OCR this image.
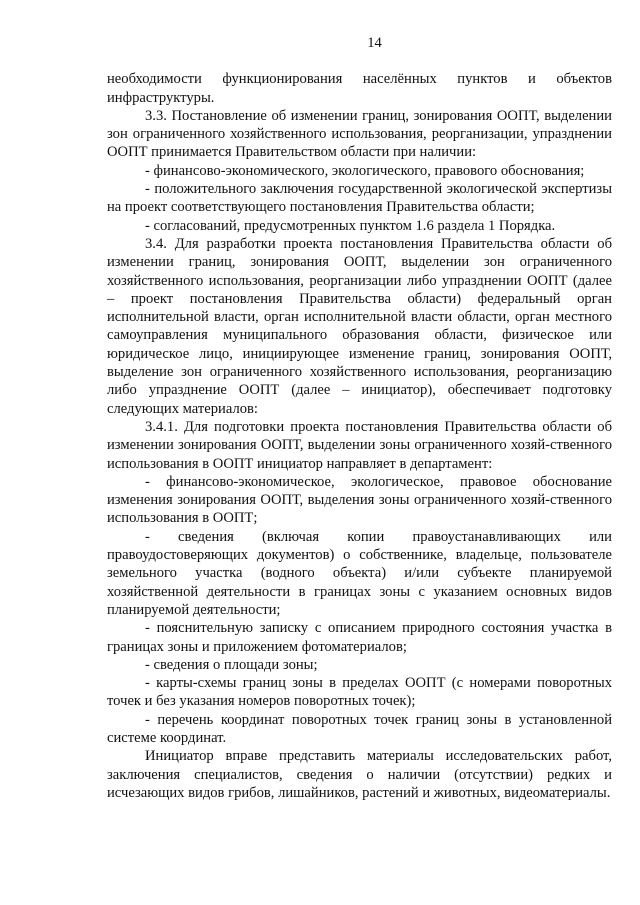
14

необходимости функционирования населённых пунктов и объектов инфраструктуры.

3.3. Постановление об изменении границ, зонирования ООПТ, выделении зон ограниченного хозяйственного использования, реорганизации, упразднении ООПТ принимается Правительством области при наличии:

- финансово-экономического, экологического, правового обоснования;

- положительного заключения государственной экологической экспертизы на проект соответствующего постановления Правительства области;

- согласований, предусмотренных пунктом 1.6 раздела 1 Порядка.

3.4. Для разработки проекта постановления Правительства области об изменении границ, зонирования ООПТ, выделении зон ограниченного хозяйственного использования, реорганизации либо упразднении ООПТ (далее – проект постановления Правительства области) федеральный орган исполнительной власти, орган исполнительной власти области, орган местного самоуправления муниципального образования области, физическое или юридическое лицо, инициирующее изменение границ, зонирования ООПТ, выделение зон ограниченного хозяйственного использования, реорганизацию либо упразднение ООПТ (далее – инициатор), обеспечивает подготовку следующих материалов:

3.4.1. Для подготовки проекта постановления Правительства области об изменении зонирования ООПТ, выделении зоны ограниченного хозяй-ственного использования в ООПТ инициатор направляет в департамент:

- финансово-экономическое, экологическое, правовое обоснование изменения зонирования ООПТ, выделения зоны ограниченного хозяй-ственного использования в ООПТ;

- сведения (включая копии правоустанавливающих или правоудостоверяющих документов) о собственнике, владельце, пользователе земельного участка (водного объекта) и/или субъекте планируемой хозяйственной деятельности в границах зоны с указанием основных видов планируемой деятельности;

- пояснительную записку с описанием природного состояния участка в границах зоны и приложением фотоматериалов;

- сведения о площади зоны;

- карты-схемы границ зоны в пределах ООПТ (с номерами поворотных точек и без указания номеров поворотных точек);

- перечень координат поворотных точек границ зоны в установленной системе координат.

Инициатор вправе представить материалы исследовательских работ, заключения специалистов, сведения о наличии (отсутствии) редких и исчезающих видов грибов, лишайников, растений и животных, видеоматериалы.
